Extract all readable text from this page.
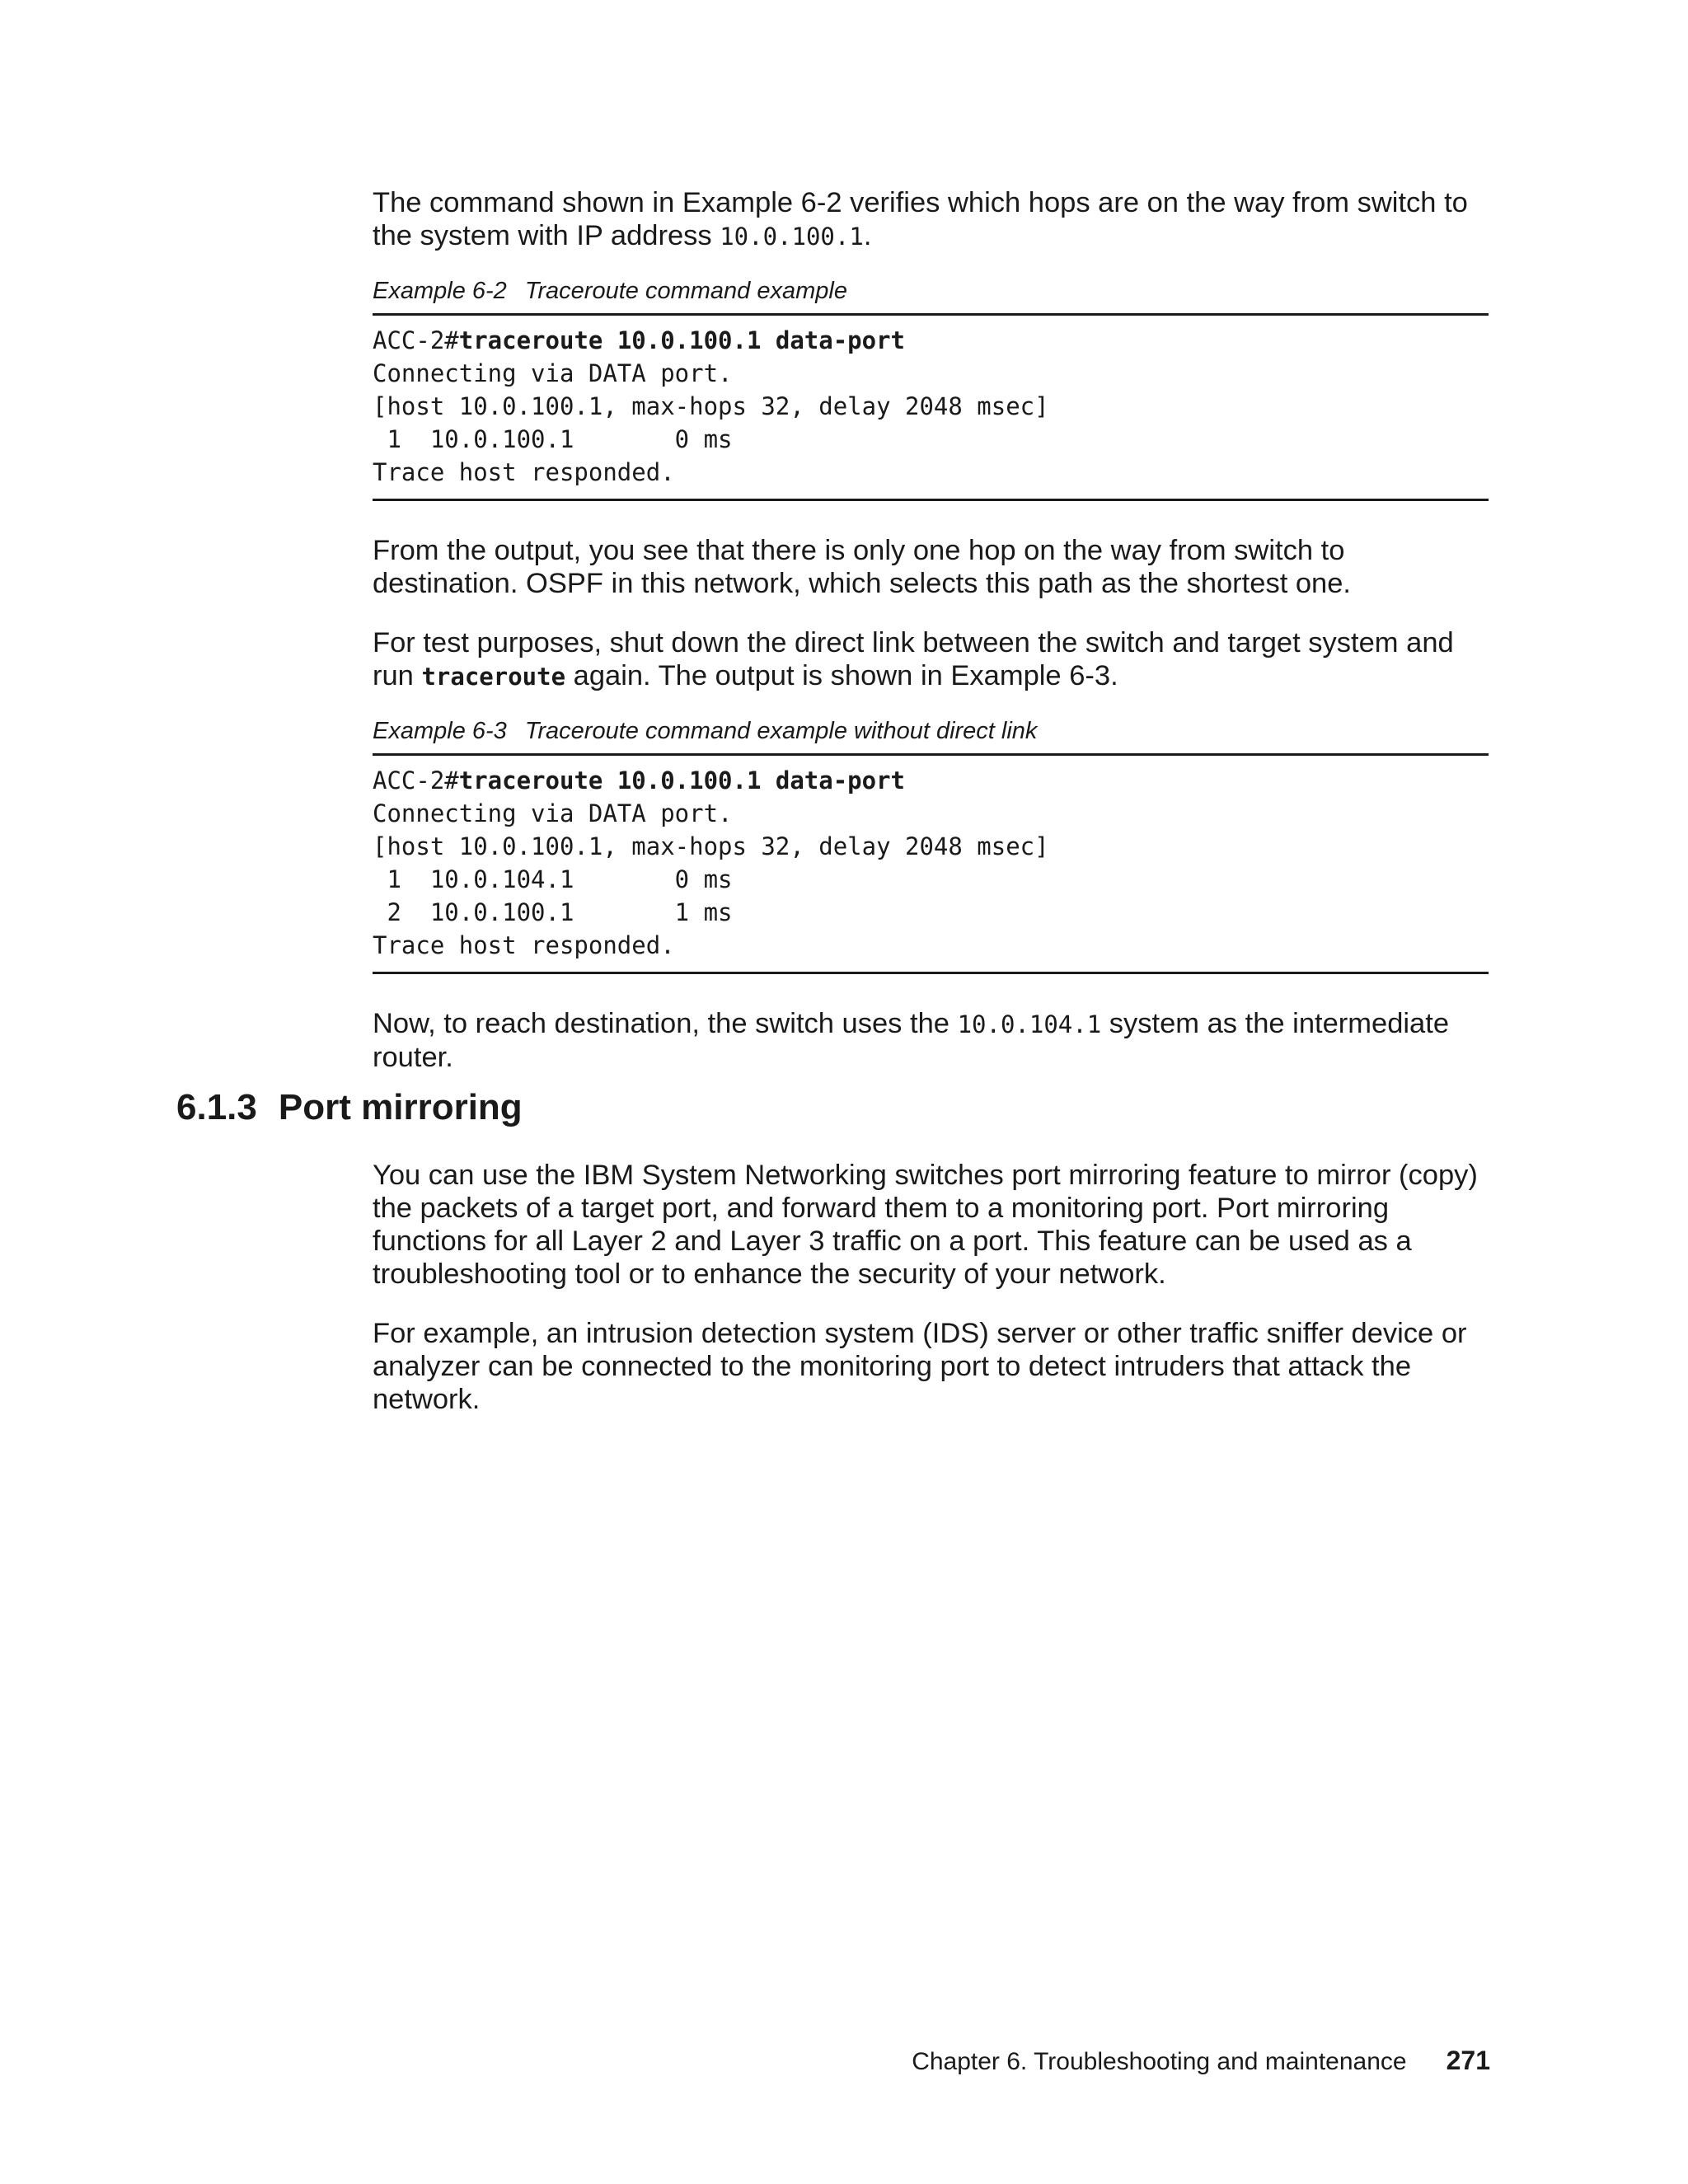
The command shown in Example 6-2 verifies which hops are on the way from switch to the system with IP address 10.0.100.1.

Example 6-2 Traceroute command example

ACC-2#traceroute 10.0.100.1 data-port
Connecting via DATA port.
[host 10.0.100.1, max-hops 32, delay 2048 msec]
1  10.0.100.1       0 ms
Trace host responded.

From the output, you see that there is only one hop on the way from switch to destination. OSPF in this network, which selects this path as the shortest one.

For test purposes, shut down the direct link between the switch and target system and run traceroute again. The output is shown in Example 6-3.

Example 6-3 Traceroute command example without direct link

ACC-2#traceroute 10.0.100.1 data-port
Connecting via DATA port.
[host 10.0.100.1, max-hops 32, delay 2048 msec]
1  10.0.104.1       0 ms
2  10.0.100.1       1 ms
Trace host responded.

Now, to reach destination, the switch uses the 10.0.104.1 system as the intermediate router.

6.1.3 Port mirroring

You can use the IBM System Networking switches port mirroring feature to mirror (copy) the packets of a target port, and forward them to a monitoring port. Port mirroring functions for all Layer 2 and Layer 3 traffic on a port. This feature can be used as a troubleshooting tool or to enhance the security of your network.

For example, an intrusion detection system (IDS) server or other traffic sniffer device or analyzer can be connected to the monitoring port to detect intruders that attack the network.

Chapter 6. Troubleshooting and maintenance 271
